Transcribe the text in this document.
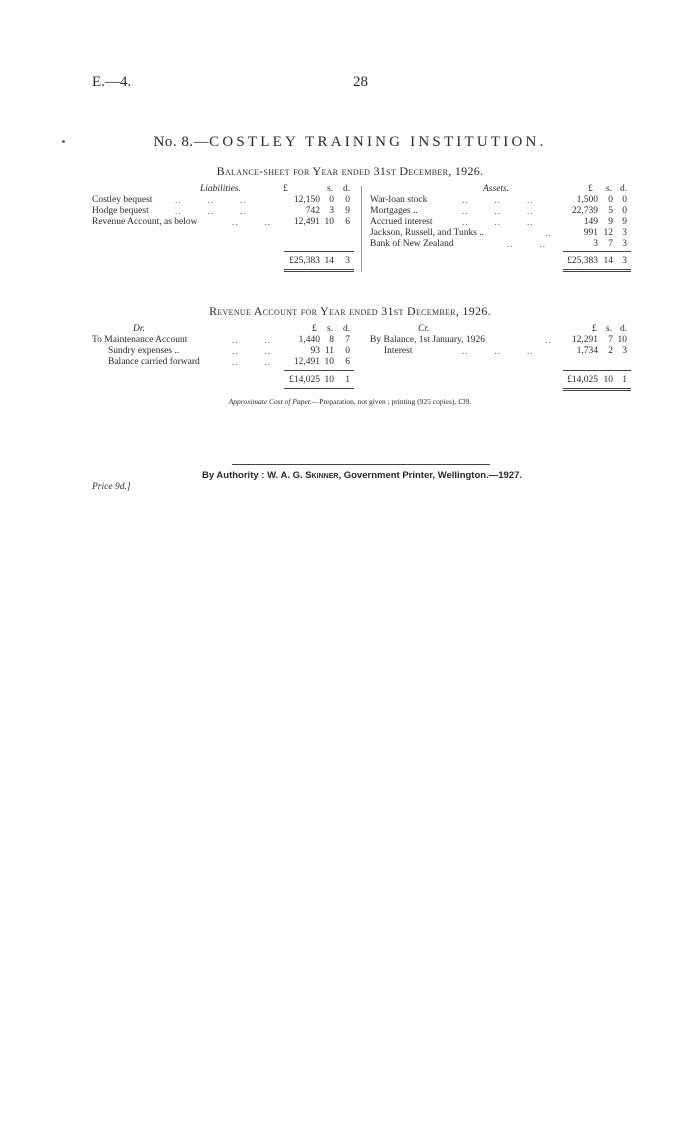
E.—4.	28
No. 8.—COSTLEY TRAINING INSTITUTION.
Balance-sheet for Year ended 31st December, 1926.
Liabilities.	£	s. d.	Assets.	£ s. d.
Costley bequest	..        ..        ..	12,150 0	0
Hodge bequest	..        ..        ..	742 3	9
Revenue Account, as below	..        ..	12,491 10	6
War-loan stock	..        ..        ..	1,500	0 0
Mortgages ..	..        ..        ..	22,739	5 0
Accrued interest	..        ..        ..	149	9 9
Jackson, Russell, and Tunks ..	..	991 12 3
Bank of New Zealand	..        ..	3	7 3
£25,383 14	3	£25,383 14 3
Revenue Account for Year ended 31st December, 1926.
Dr.	£ s. d.	Cr.	£ s. d.
To Maintenance Account	..        ..	1,440 8	7
Sundry expenses ..	..        ..	93 11	0
Balance carried forward	..        ..	12,491 10	6
By Balance, 1st January, 1926	..	12,291	7 10
Interest	..        ..        ..	1,734	2 3
£14,025 10	1	£14,025 10 1
Approximate Cost of Paper.—Preparation, not given ; printing (925 copies), £39.
By Authority : W. A. G. Skinner, Government Printer, Wellington.—1927.
Price 9d.]
